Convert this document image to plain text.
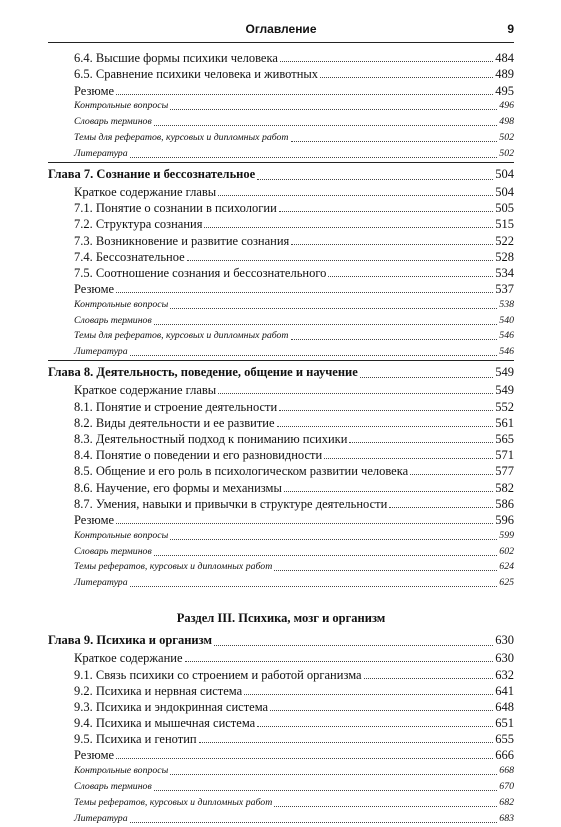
Оглавление	9
6.4. Высшие формы психики человека	484
6.5. Сравнение психики человека и животных	489
Резюме	495
Контрольные вопросы	496
Словарь терминов	498
Темы для рефератов, курсовых и дипломных работ	502
Литература	502
Глава 7. Сознание и бессознательное	504
Краткое содержание главы	504
7.1. Понятие о сознании в психологии	505
7.2. Структура сознания	515
7.3. Возникновение и развитие сознания	522
7.4. Бессознательное	528
7.5. Соотношение сознания и бессознательного	534
Резюме	537
Контрольные вопросы	538
Словарь терминов	540
Темы для рефератов, курсовых и дипломных работ	546
Литература	546
Глава 8. Деятельность, поведение, общение и научение	549
Краткое содержание главы	549
8.1. Понятие и строение деятельности	552
8.2. Виды деятельности и ее развитие	561
8.3. Деятельностный подход к пониманию психики	565
8.4. Понятие о поведении и его разновидности	571
8.5. Общение и его роль в психологическом развитии человека	577
8.6. Научение, его формы и механизмы	582
8.7. Умения, навыки и привычки в структуре деятельности	586
Резюме	596
Контрольные вопросы	599
Словарь терминов	602
Темы рефератов, курсовых и дипломных работ	624
Литература	625
Раздел III. Психика, мозг и организм
Глава 9. Психика и организм	630
Краткое содержание	630
9.1. Связь психики со строением и работой организма	632
9.2. Психика и нервная система	641
9.3. Психика и эндокринная система	648
9.4. Психика и мышечная система	651
9.5. Психика и генотип	655
Резюме	666
Контрольные вопросы	668
Словарь терминов	670
Темы рефератов, курсовых и дипломных работ	682
Литература	683
